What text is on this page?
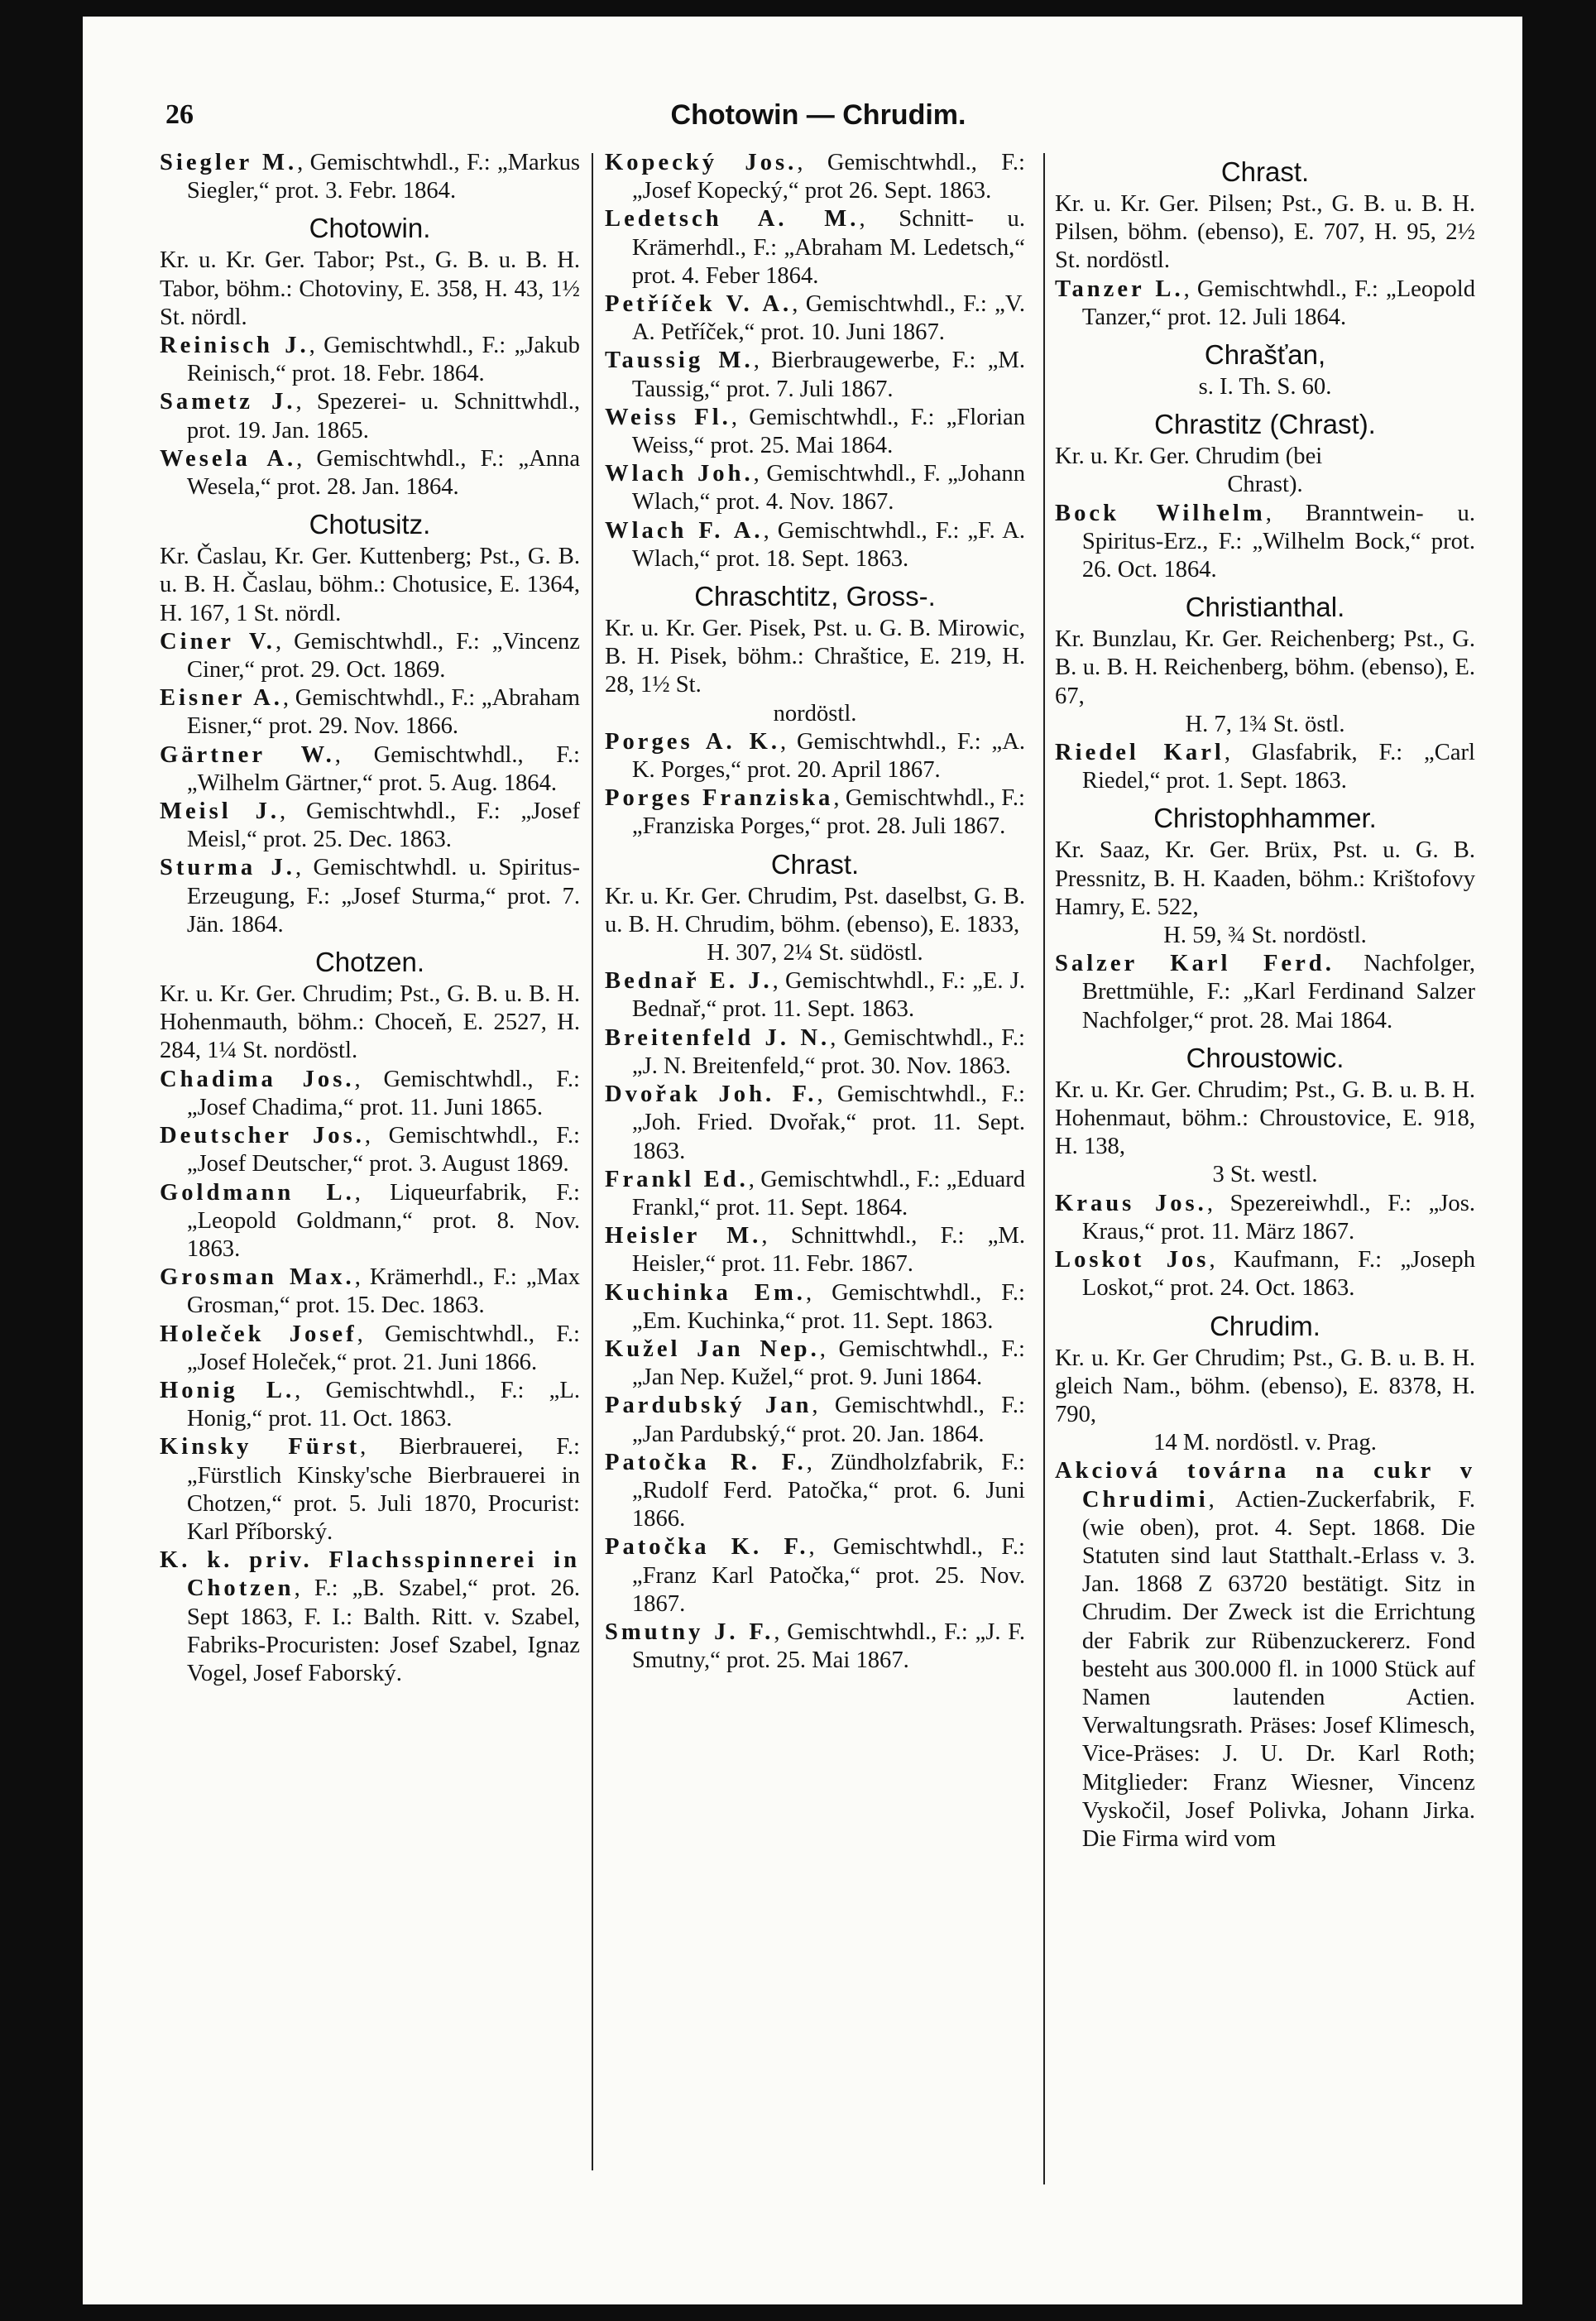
26	Chotowin — Chrudim.
Siegler M., Gemischtwhdl., F.: „Markus Siegler,“ prot. 3. Febr. 1864.
Chotowin.
Kr. u. Kr. Ger. Tabor; Pst., G. B. u. B. H. Tabor, böhm.: Chotoviny, E. 358, H. 43, 1½ St. nördl.
Reinisch J., Gemischtwhdl., F.: „Jakub Reinisch,“ prot. 18. Febr. 1864.
Sametz J., Spezerei- u. Schnittwhdl., prot. 19. Jan. 1865.
Wesela A., Gemischtwhdl., F.: „Anna Wesela,“ prot. 28. Jan. 1864.
Chotusitz.
Kr. Časlau, Kr. Ger. Kuttenberg; Pst., G. B. u. B. H. Časlau, böhm.: Chotusice, E. 1364, H. 167, 1 St. nördl.
Ciner V., Gemischtwhdl., F.: „Vincenz Ciner,“ prot. 29. Oct. 1869.
Eisner A., Gemischtwhdl., F.: „Abraham Eisner,“ prot. 29. Nov. 1866.
Gärtner W., Gemischtwhdl., F.: „Wilhelm Gärtner,“ prot. 5. Aug. 1864.
Meisl J., Gemischtwhdl., F.: „Josef Meisl,“ prot. 25. Dec. 1863.
Sturma J., Gemischtwhdl. u. Spiritus-Erzeugung, F.: „Josef Sturma,“ prot. 7. Jän. 1864.
Chotzen.
Kr. u. Kr. Ger. Chrudim; Pst., G. B. u. B. H. Hohenmauth, böhm.: Choceň, E. 2527, H. 284, 1¼ St. nordöstl.
Chadima Jos., Gemischtwhdl., F.: „Josef Chadima,“ prot. 11. Juni 1865.
Deutscher Jos., Gemischtwhdl., F.: „Josef Deutscher,“ prot. 3. August 1869.
Goldmann L., Liqueurfabrik, F.: „Leopold Goldmann,“ prot. 8. Nov. 1863.
Grosman Max., Krämerhdl., F.: „Max Grosman,“ prot. 15. Dec. 1863.
Holeček Josef, Gemischtwhdl., F.: „Josef Holeček,“ prot. 21. Juni 1866.
Honig L., Gemischtwhdl., F.: „L. Honig,“ prot. 11. Oct. 1863.
Kinsky Fürst, Bierbrauerei, F.: „Fürstlich Kinsky'sche Bierbrauerei in Chotzen,“ prot. 5. Juli 1870, Procurist: Karl Příborský.
K. k. priv. Flachsspinnerei in Chotzen, F.: „B. Szabel,“ prot. 26. Sept 1863, F. I.: Balth. Ritt. v. Szabel, Fabriks-Procuristen: Josef Szabel, Ignaz Vogel, Josef Faborský.
Kopecký Jos., Gemischtwhdl., F.: „Josef Kopecký,“ prot 26. Sept. 1863.
Ledetsch A. M., Schnitt- u. Krämerhdl., F.: „Abraham M. Ledetsch,“ prot. 4. Feber 1864.
Petříček V. A., Gemischtwhdl., F.: „V. A. Petříček,“ prot. 10. Juni 1867.
Taussig M., Bierbraugewerbe, F.: „M. Taussig,“ prot. 7. Juli 1867.
Weiss Fl., Gemischtwhdl., F.: „Florian Weiss,“ prot. 25. Mai 1864.
Wlach Joh., Gemischtwhdl., F. „Johann Wlach,“ prot. 4. Nov. 1867.
Wlach F. A., Gemischtwhdl., F.: „F. A. Wlach,“ prot. 18. Sept. 1863.
Chraschtitz, Gross-.
Kr. u. Kr. Ger. Pisek, Pst. u. G. B. Mirowic, B. H. Pisek, böhm.: Chraštice, E. 219, H. 28, 1½ St.
nordöstl.
Porges A. K., Gemischtwhdl., F.: „A. K. Porges,“ prot. 20. April 1867.
Porges Franziska, Gemischtwhdl., F.: „Franziska Porges,“ prot. 28. Juli 1867.
Chrast.
Kr. u. Kr. Ger. Chrudim, Pst. daselbst, G. B. u. B. H. Chrudim, böhm. (ebenso), E. 1833,
H. 307, 2¼ St. südöstl.
Bednař E. J., Gemischtwhdl., F.: „E. J. Bednař,“ prot. 11. Sept. 1863.
Breitenfeld J. N., Gemischtwhdl., F.: „J. N. Breitenfeld,“ prot. 30. Nov. 1863.
Dvořak Joh. F., Gemischtwhdl., F.: „Joh. Fried. Dvořak,“ prot. 11. Sept. 1863.
Frankl Ed., Gemischtwhdl., F.: „Eduard Frankl,“ prot. 11. Sept. 1864.
Heisler M., Schnittwhdl., F.: „M. Heisler,“ prot. 11. Febr. 1867.
Kuchinka Em., Gemischtwhdl., F.: „Em. Kuchinka,“ prot. 11. Sept. 1863.
Kužel Jan Nep., Gemischtwhdl., F.: „Jan Nep. Kužel,“ prot. 9. Juni 1864.
Pardubský Jan, Gemischtwhdl., F.: „Jan Pardubský,“ prot. 20. Jan. 1864.
Patočka R. F., Zündholzfabrik, F.: „Rudolf Ferd. Patočka,“ prot. 6. Juni 1866.
Patočka K. F., Gemischtwhdl., F.: „Franz Karl Patočka,“ prot. 25. Nov. 1867.
Smutny J. F., Gemischtwhdl., F.: „J. F. Smutny,“ prot. 25. Mai 1867.
Chrast.
Kr. u. Kr. Ger. Pilsen; Pst., G. B. u. B. H. Pilsen, böhm. (ebenso), E. 707, H. 95, 2½ St. nordöstl.
Tanzer L., Gemischtwhdl., F.: „Leopold Tanzer,“ prot. 12. Juli 1864.
Chrašťan,
s. I. Th. S. 60.
Chrastitz (Chrast).
Kr. u. Kr. Ger. Chrudim (bei
Chrast).
Bock Wilhelm, Branntwein- u. Spiritus-Erz., F.: „Wilhelm Bock,“ prot. 26. Oct. 1864.
Christianthal.
Kr. Bunzlau, Kr. Ger. Reichenberg; Pst., G. B. u. B. H. Reichenberg, böhm. (ebenso), E. 67,
H. 7, 1¾ St. östl.
Riedel Karl, Glasfabrik, F.: „Carl Riedel,“ prot. 1. Sept. 1863.
Christophhammer.
Kr. Saaz, Kr. Ger. Brüx, Pst. u. G. B. Pressnitz, B. H. Kaaden, böhm.: Krištofovy Hamry, E. 522,
H. 59, ¾ St. nordöstl.
Salzer Karl Ferd. Nachfolger, Brettmühle, F.: „Karl Ferdinand Salzer Nachfolger,“ prot. 28. Mai 1864.
Chroustowic.
Kr. u. Kr. Ger. Chrudim; Pst., G. B. u. B. H. Hohenmaut, böhm.: Chroustovice, E. 918, H. 138,
3 St. westl.
Kraus Jos., Spezereiwhdl., F.: „Jos. Kraus,“ prot. 11. März 1867.
Loskot Jos, Kaufmann, F.: „Joseph Loskot,“ prot. 24. Oct. 1863.
Chrudim.
Kr. u. Kr. Ger Chrudim; Pst., G. B. u. B. H. gleich Nam., böhm. (ebenso), E. 8378, H. 790,
14 M. nordöstl. v. Prag.
Akciová továrna na cukr v Chrudimi, Actien-Zuckerfabrik, F. (wie oben), prot. 4. Sept. 1868. Die Statuten sind laut Statthalt.-Erlass v. 3. Jan. 1868 Z 63720 bestätigt. Sitz in Chrudim. Der Zweck ist die Errichtung der Fabrik zur Rübenzuckererz. Fond besteht aus 300.000 fl. in 1000 Stück auf Namen lautenden Actien. Verwaltungsrath. Präses: Josef Klimesch, Vice-Präses: J. U. Dr. Karl Roth; Mitglieder: Franz Wiesner, Vincenz Vyskočil, Josef Polivka, Johann Jirka. Die Firma wird vom
